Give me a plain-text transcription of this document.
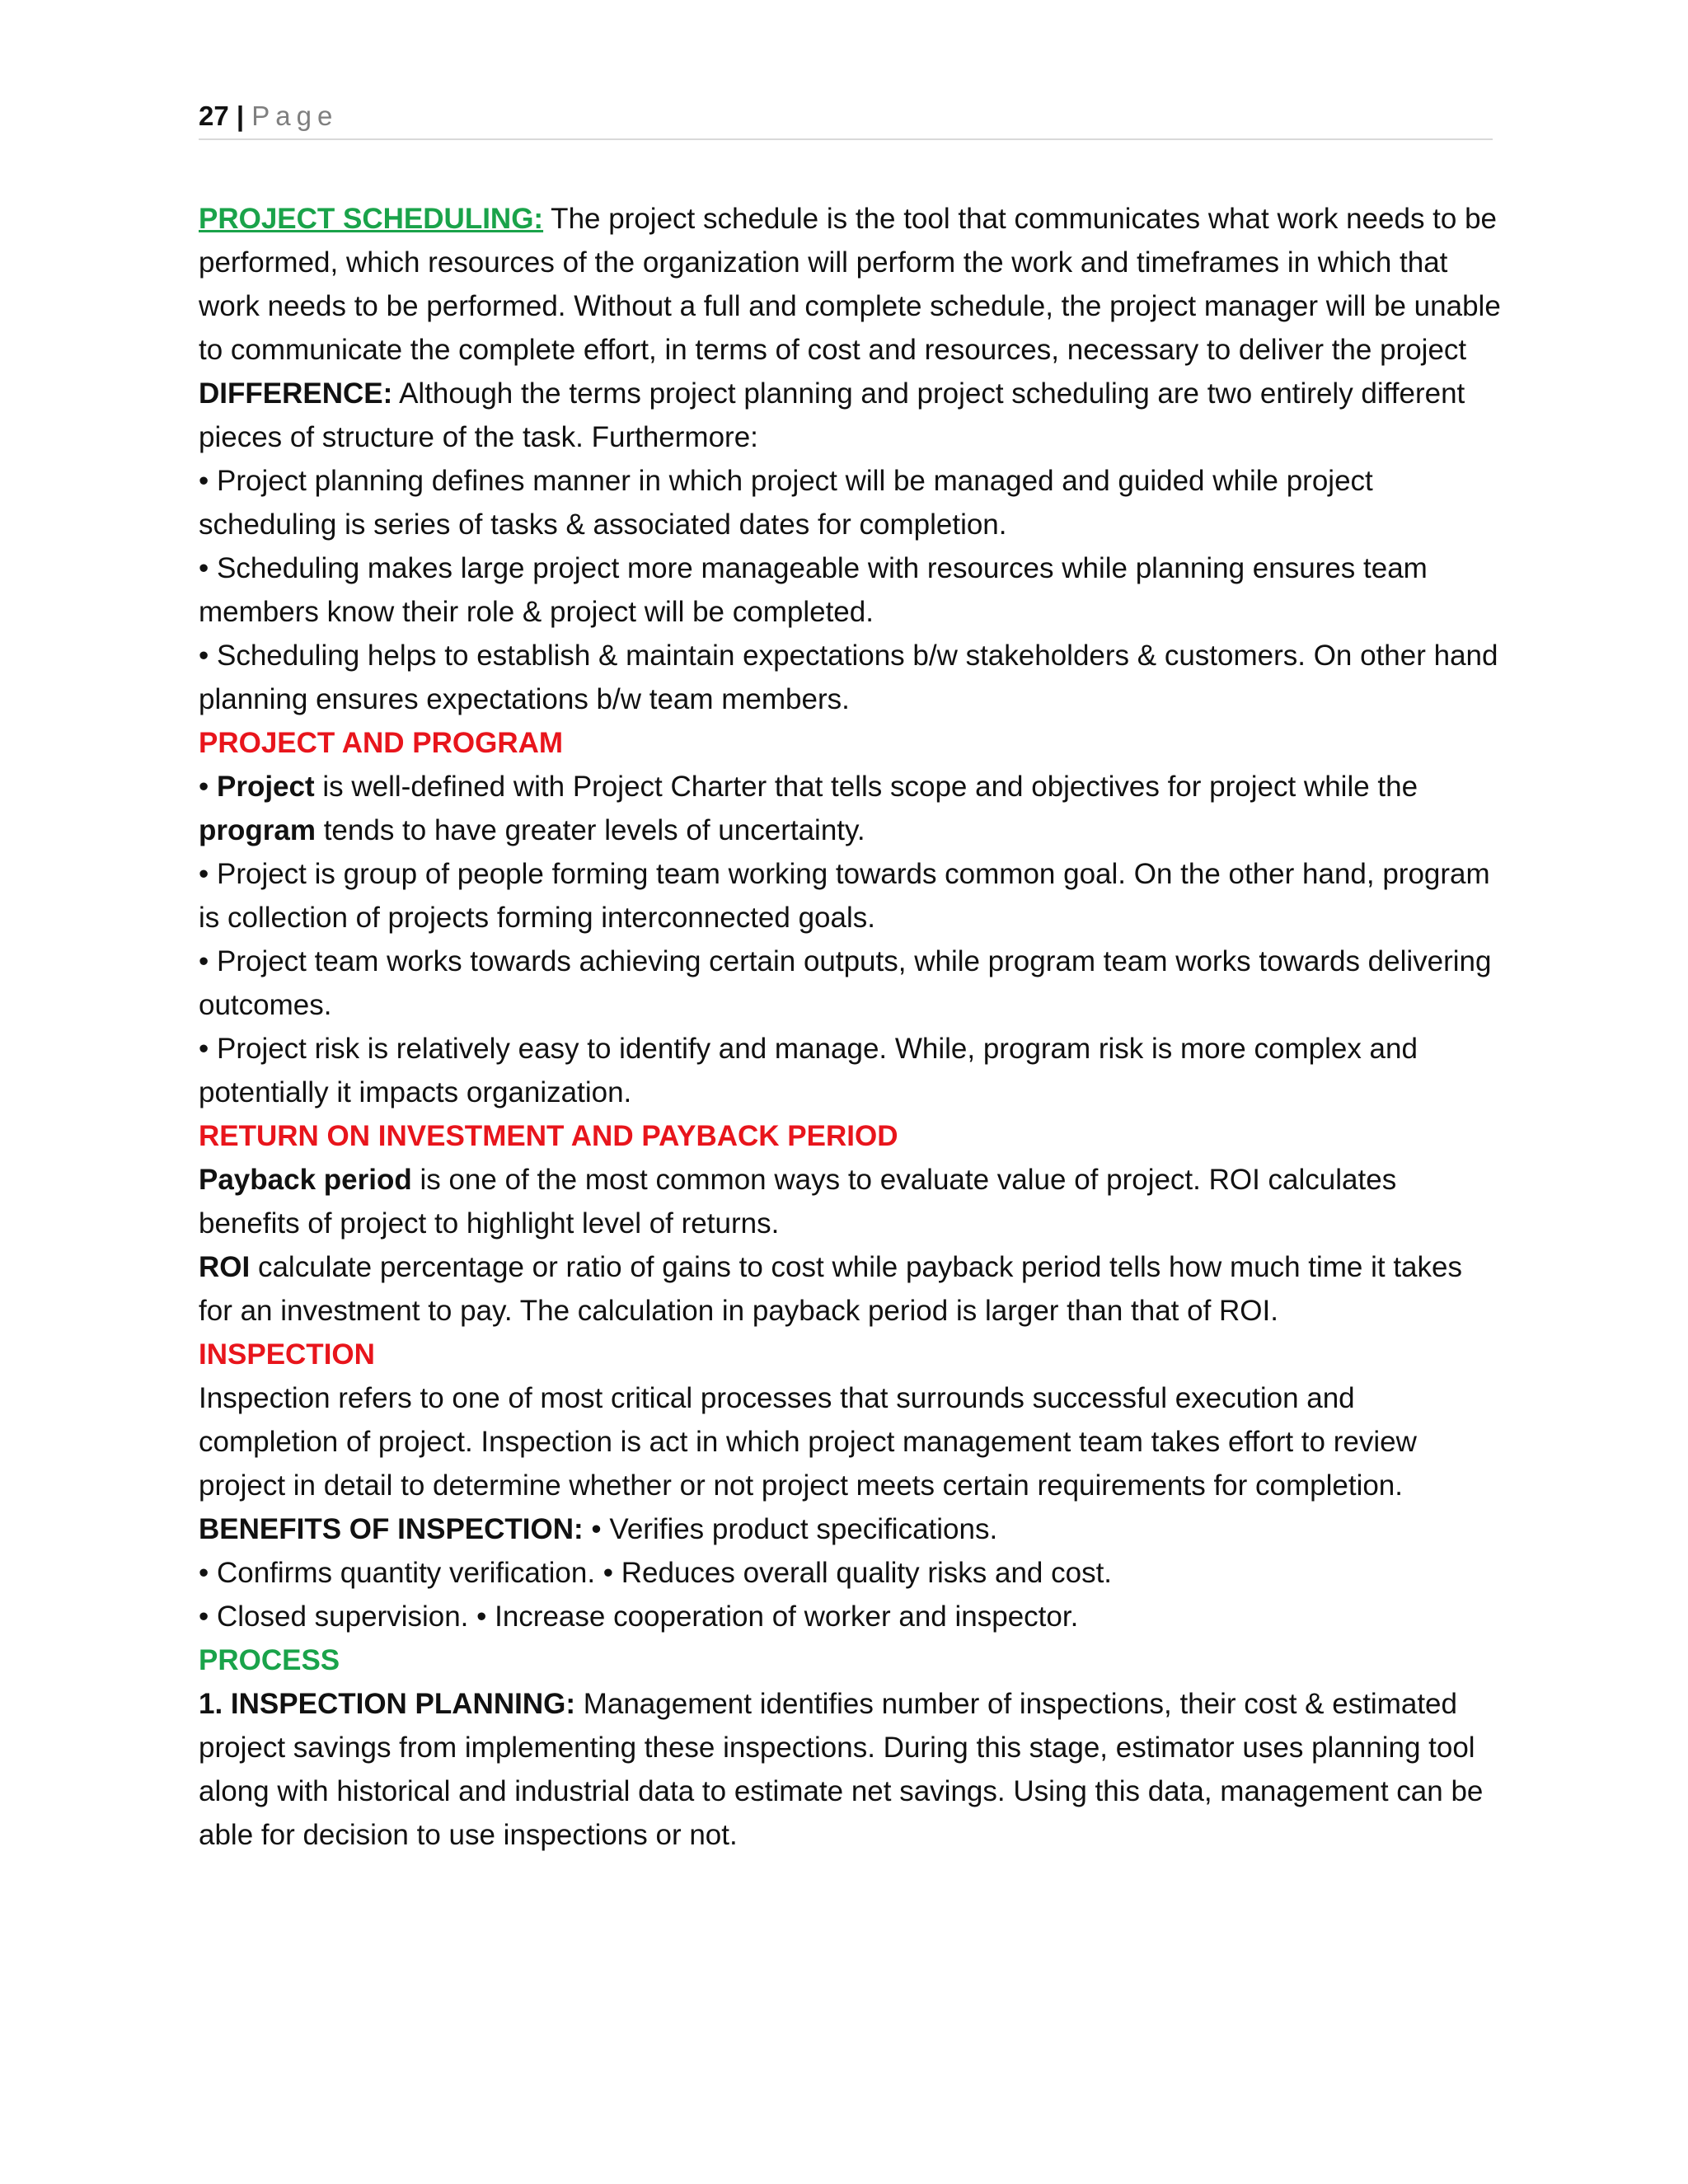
27 | Page

PROJECT SCHEDULING: The project schedule is the tool that communicates what work needs to be performed, which resources of the organization will perform the work and timeframes in which that work needs to be performed. Without a full and complete schedule, the project manager will be unable to communicate the complete effort, in terms of cost and resources, necessary to deliver the project

DIFFERENCE: Although the terms project planning and project scheduling are two entirely different pieces of structure of the task. Furthermore:

• Project planning defines manner in which project will be managed and guided while project scheduling is series of tasks & associated dates for completion.

• Scheduling makes large project more manageable with resources while planning ensures team members know their role & project will be completed.

• Scheduling helps to establish & maintain expectations b/w stakeholders & customers. On other hand planning ensures expectations b/w team members.

PROJECT AND PROGRAM

• Project is well-defined with Project Charter that tells scope and objectives for project while the program tends to have greater levels of uncertainty.

• Project is group of people forming team working towards common goal. On the other hand, program is collection of projects forming interconnected goals.

• Project team works towards achieving certain outputs, while program team works towards delivering outcomes.

• Project risk is relatively easy to identify and manage. While, program risk is more complex and potentially it impacts organization.

RETURN ON INVESTMENT AND PAYBACK PERIOD

Payback period is one of the most common ways to evaluate value of project. ROI calculates benefits of project to highlight level of returns.

ROI calculate percentage or ratio of gains to cost while payback period tells how much time it takes for an investment to pay. The calculation in payback period is larger than that of ROI.

INSPECTION

Inspection refers to one of most critical processes that surrounds successful execution and completion of project. Inspection is act in which project management team takes effort to review project in detail to determine whether or not project meets certain requirements for completion.

BENEFITS OF INSPECTION: • Verifies product specifications.

• Confirms quantity verification. • Reduces overall quality risks and cost.

• Closed supervision. • Increase cooperation of worker and inspector.

PROCESS

1. INSPECTION PLANNING: Management identifies number of inspections, their cost & estimated project savings from implementing these inspections. During this stage, estimator uses planning tool along with historical and industrial data to estimate net savings. Using this data, management can be able for decision to use inspections or not.
